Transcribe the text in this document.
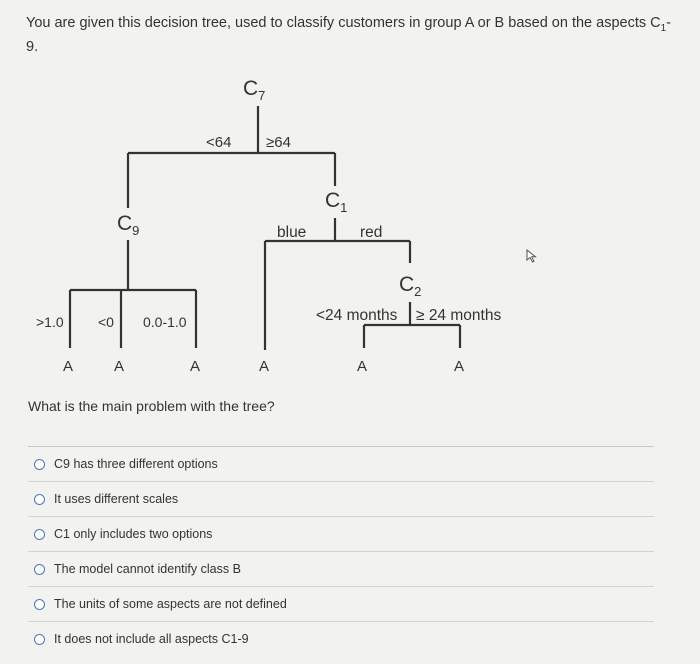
You are given this decision tree, used to classify customers in group A or B based on the aspects $C_1-$
9.
$C_7$
$C_9$
$C_1$
$C_2$
<64 ≥64
>1.0 <0 0.0-1.0
blue	red
<24 months ≥ 24 months
A	A	A	A	A	A
What is the main problem with the tree?
C9 has three different options
It uses different scales
C1 only includes two options
The model cannot identify class B
The units of some aspects are not defined
It does not include all aspects C1-9
